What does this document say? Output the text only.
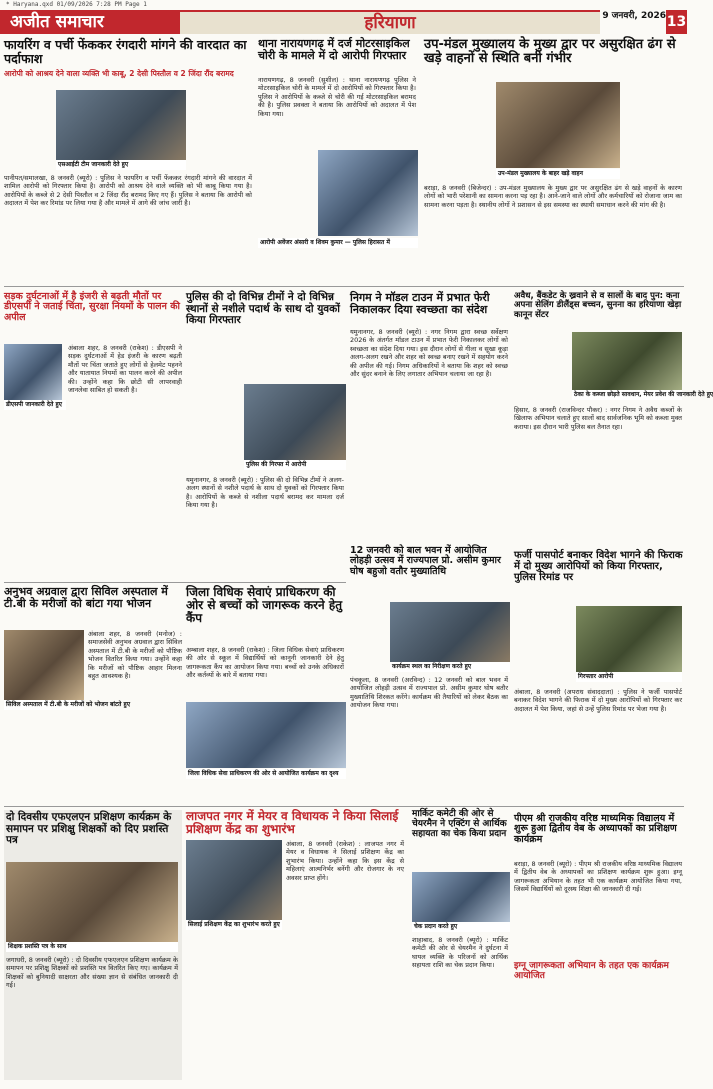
* Haryana.qxd 01/09/2026 7:28 PM Page 1
अजीत समाचार	हरियाणा	9 जनवरी, 2026 13
फायरिंग व पर्ची फेंककर रंगदारी मांगने की वारदात का पर्दाफाश
आरोपी को आश्रय देने वाला व्यक्ति भी काबू, 2 देसी पिस्तौल व 2 जिंदा रौंद बरामद
एसआईटी टीम जानकारी देते हुए
पानीपत/समालखा, 8 जनवरी (ब्यूरो) : पुलिस ने फायरिंग व पर्ची फेंककर रंगदारी मांगने की वारदात में शामिल आरोपी को गिरफ्तार किया है। आरोपी को आश्रय देने वाले व्यक्ति को भी काबू किया गया है। आरोपियों के कब्जे से 2 देसी पिस्तौल व 2 जिंदा रौंद बरामद किए गए हैं। पुलिस ने बताया कि आरोपी को अदालत में पेश कर रिमांड पर लिया गया है और मामले में आगे की जांच जारी है।
थाना नारायणगढ़ में दर्ज मोटरसाइकिल चोरी के मामले में दो आरोपी गिरफ्तार
आरोपी अवेंजर अंसारी व शिवम कुमार — पुलिस हिरासत में
नारायणगढ़, 8 जनवरी (सुशील) : थाना नारायणगढ़ पुलिस ने मोटरसाइकिल चोरी के मामले में दो आरोपियों को गिरफ्तार किया है। पुलिस ने आरोपियों के कब्जे से चोरी की गई मोटरसाइकिल बरामद की है। पुलिस प्रवक्ता ने बताया कि आरोपियों को अदालत में पेश किया गया।
उप-मंडल मुख्यालय के मुख्य द्वार पर असुरक्षित ढंग से खड़े वाहनों से स्थिति बनी गंभीर
उप-मंडल मुख्यालय के बाहर खड़े वाहन
बराड़ा, 8 जनवरी (बिजेन्दर) : उप-मंडल मुख्यालय के मुख्य द्वार पर असुरक्षित ढंग से खड़े वाहनों के कारण लोगों को भारी परेशानी का सामना करना पड़ रहा है। आने-जाने वाले लोगों और कर्मचारियों को रोजाना जाम का सामना करना पड़ता है। स्थानीय लोगों ने प्रशासन से इस समस्या का स्थायी समाधान करने की मांग की है।
सड़क दुर्घटनाओं में है इंजरी से बढ़ती मौतों पर डीएसपी ने जताई चिंता, सुरक्षा नियमों के पालन की अपील
डीएसपी जानकारी देते हुए
अंबाला शहर, 8 जनवरी (राकेश) : डीएसपी ने सड़क दुर्घटनाओं में हेड इंजरी के कारण बढ़ती मौतों पर चिंता जताते हुए लोगों से हेलमेट पहनने और यातायात नियमों का पालन करने की अपील की। उन्होंने कहा कि छोटी सी लापरवाही जानलेवा साबित हो सकती है।
पुलिस की दो विभिन्न टीमों ने दो विभिन्न स्थानों से नशीले पदार्थ के साथ दो युवकों किया गिरफ्तार
पुलिस की गिरफ्त में आरोपी
यमुनानगर, 8 जनवरी (ब्यूरो) : पुलिस की दो विभिन्न टीमों ने अलग-अलग स्थानों से नशीले पदार्थ के साथ दो युवकों को गिरफ्तार किया है। आरोपियों के कब्जे से नशीला पदार्थ बरामद कर मामला दर्ज किया गया है।
निगम ने मॉडल टाउन में प्रभात फेरी निकालकर दिया स्वच्छता का संदेश
यमुनानगर, 8 जनवरी (ब्यूरो) : नगर निगम द्वारा स्वच्छ सर्वेक्षण 2026 के अंतर्गत मॉडल टाउन में प्रभात फेरी निकालकर लोगों को स्वच्छता का संदेश दिया गया। इस दौरान लोगों से गीला व सूखा कूड़ा अलग-अलग रखने और शहर को स्वच्छ बनाए रखने में सहयोग करने की अपील की गई। निगम अधिकारियों ने बताया कि शहर को स्वच्छ और सुंदर बनाने के लिए लगातार अभियान चलाया जा रहा है।
अवैध, बैंकडेट के ख्रवाने से व सालों के बाद पुन: कना अपना सेलिंग डीलैंड्स बच्चन, सुनना का हरियाणा खेड़ा कानून सेंटर
ठेका के कब्जा छोड़ते सावधान, मेयर प्रवेश की जानकारी देते हुए
हिसार, 8 जनवरी (राजविन्दर पौकर) : नगर निगम ने अवैध कब्जों के खिलाफ अभियान चलाते हुए सालों बाद सार्वजनिक भूमि को कब्जा मुक्त कराया। इस दौरान भारी पुलिस बल तैनात रहा।
अनुभव अग्रवाल द्वारा सिविल अस्पताल में टी.बी के मरीजों को बांटा गया भोजन
सिविल अस्पताल में टी.बी के मरीजों को भोजन बांटते हुए
अंबाला शहर, 8 जनवरी (मनोज) : समाजसेवी अनुभव अग्रवाल द्वारा सिविल अस्पताल में टी.बी के मरीजों को पौष्टिक भोजन वितरित किया गया। उन्होंने कहा कि मरीजों को पौष्टिक आहार मिलना बहुत आवश्यक है।
जिला विधिक सेवाएं प्राधिकरण की ओर से बच्चों को जागरूक करने हेतु कैंप
जिला विधिक सेवा प्राधिकरण की ओर से आयोजित कार्यक्रम का दृश्य
अम्बाला शहर, 8 जनवरी (राकेश) : जिला विधिक सेवाएं प्राधिकरण की ओर से स्कूल में विद्यार्थियों को कानूनी जानकारी देने हेतु जागरूकता कैंप का आयोजन किया गया। बच्चों को उनके अधिकारों और कर्तव्यों के बारे में बताया गया।
12 जनवरी को बाल भवन में आयोजित लोहड़ी उत्सव में राज्यपाल प्रो. असीम कुमार घोष बहुजो वतौर मुख्यातिथि
कार्यक्रम स्थल का निरीक्षण करते हुए
पंचकूला, 8 जनवरी (अरविन्द) : 12 जनवरी को बाल भवन में आयोजित लोहड़ी उत्सव में राज्यपाल प्रो. असीम कुमार घोष बतौर मुख्यातिथि शिरकत करेंगे। कार्यक्रम की तैयारियों को लेकर बैठक का आयोजन किया गया।
फर्जी पासपोर्ट बनाकर विदेश भागने की फिराक में दो मुख्य आरोपियों को किया गिरफ्तार, पुलिस रिमांड पर
गिरफ्तार आरोपी
अंबाला, 8 जनवरी (अपराध संवाददाता) : पुलिस ने फर्जी पासपोर्ट बनाकर विदेश भागने की फिराक में दो मुख्य आरोपियों को गिरफ्तार कर अदालत में पेश किया, जहां से उन्हें पुलिस रिमांड पर भेजा गया है।
दो दिवसीय एफएलएन प्रशिक्षण कार्यक्रम के समापन पर प्रशिक्षु शिक्षकों को दिए प्रशस्ति पत्र
शिक्षक प्रशस्ति पत्र के साथ
जगाधरी, 8 जनवरी (ब्यूरो) : दो दिवसीय एफएलएन प्रशिक्षण कार्यक्रम के समापन पर प्रशिक्षु शिक्षकों को प्रशस्ति पत्र वितरित किए गए। कार्यक्रम में शिक्षकों को बुनियादी साक्षरता और संख्या ज्ञान से संबंधित जानकारी दी गई।
लाजपत नगर में मेयर व विधायक ने किया सिलाई प्रशिक्षण केंद्र का शुभारंभ
सिलाई प्रशिक्षण केंद्र का शुभारंभ करते हुए
अंबाला, 8 जनवरी (राकेश) : लाजपत नगर में मेयर व विधायक ने सिलाई प्रशिक्षण केंद्र का शुभारंभ किया। उन्होंने कहा कि इस केंद्र से महिलाएं आत्मनिर्भर बनेंगी और रोजगार के नए अवसर प्राप्त होंगे।
मार्किट कमेटी की ओर से चेयरमैन ने एक्टिंग से आर्थिक सहायता का चेक किया प्रदान
चेक प्रदान करते हुए
शाहाबाद, 8 जनवरी (ब्यूरो) : मार्किट कमेटी की ओर से चेयरमैन ने दुर्घटना में घायल व्यक्ति के परिजनों को आर्थिक सहायता राशि का चेक प्रदान किया।
पीएम श्री राजकीय वरिष्ठ माध्यमिक विद्यालय में शुरू हुआ द्वितीय वेब के अध्यापकों का प्रशिक्षण कार्यक्रम
बराड़ा, 8 जनवरी (ब्यूरो) : पीएम श्री राजकीय वरिष्ठ माध्यमिक विद्यालय में द्वितीय वेब के अध्यापकों का प्रशिक्षण कार्यक्रम शुरू हुआ। इग्नू जागरूकता अभियान के तहत भी एक कार्यक्रम आयोजित किया गया, जिसमें विद्यार्थियों को दूरस्थ शिक्षा की जानकारी दी गई।
इग्नू जागरूकता अभियान के तहत एक कार्यक्रम आयोजित
